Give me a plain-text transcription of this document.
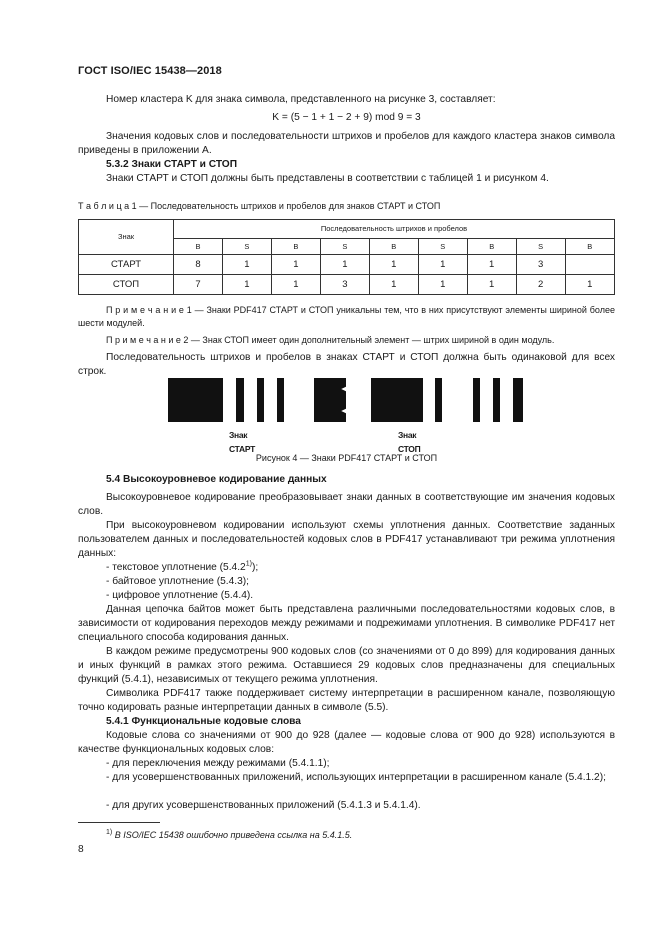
ГОСТ ISO/IEC 15438—2018
Номер кластера K для знака символа, представленного на рисунке 3, составляет:
K = (5 − 1 + 1 − 2 + 9) mod 9 = 3
Значения кодовых слов и последовательности штрихов и пробелов для каждого кластера знаков символа приведены в приложении А.
5.3.2 Знаки СТАРТ и СТОП
Знаки СТАРТ и СТОП должны быть представлены в соответствии с таблицей 1 и рисунком 4.
Т а б л и ц а 1 — Последовательность штрихов и пробелов для знаков СТАРТ и СТОП
Знак	Последовательность штрихов и пробелов								
	B	S	B	S	B	S	B	S	B
СТАРТ	8	1	1	1	1	1	1	3	
СТОП	7	1	1	3	1	1	1	2	1
П р и м е ч а н и е 1 — Знаки PDF417 СТАРТ и СТОП уникальны тем, что в них присутствуют элементы шириной более шести модулей.
П р и м е ч а н и е 2 — Знак СТОП имеет один дополнительный элемент — штрих шириной в один модуль.
Последовательность штрихов и пробелов в знаках СТАРТ и СТОП должна быть одинаковой для всех строк.
Знак СТАРТ
Знак СТОП
Рисунок 4 — Знаки PDF417 СТАРТ и СТОП
5.4 Высокоуровневое кодирование данных
Высокоуровневое кодирование преобразовывает знаки данных в соответствующие им значения кодовых слов.
При высокоуровневом кодировании используют схемы уплотнения данных. Соответствие заданных пользователем данных и последовательностей кодовых слов в PDF417 устанавливают три режима уплотнения данных:
- текстовое уплотнение (5.4.2$^{1)}$);
- байтовое уплотнение (5.4.3);
- цифровое уплотнение (5.4.4).
Данная цепочка байтов может быть представлена различными последовательностями кодовых слов, в зависимости от кодирования переходов между режимами и подрежимами уплотнения. В символике PDF417 нет специального способа кодирования данных.
В каждом режиме предусмотрены 900 кодовых слов (со значениями от 0 до 899) для кодирования данных и иных функций в рамках этого режима. Оставшиеся 29 кодовых слов предназначены для специальных функций (5.4.1), независимых от текущего режима уплотнения.
Символика PDF417 также поддерживает систему интерпретации в расширенном канале, позволяющую точно кодировать разные интерпретации данных в символе (5.5).
5.4.1 Функциональные кодовые слова
Кодовые слова со значениями от 900 до 928 (далее — кодовые слова от 900 до 928) используются в качестве функциональных кодовых слов:
- для переключения между режимами (5.4.1.1);
- для усовершенствованных приложений, использующих интерпретации в расширенном канале (5.4.1.2);
- для других усовершенствованных приложений (5.4.1.3 и 5.4.1.4).
$^{1)}$ В ISO/IEC 15438 ошибочно приведена ссылка на 5.4.1.5.
8
